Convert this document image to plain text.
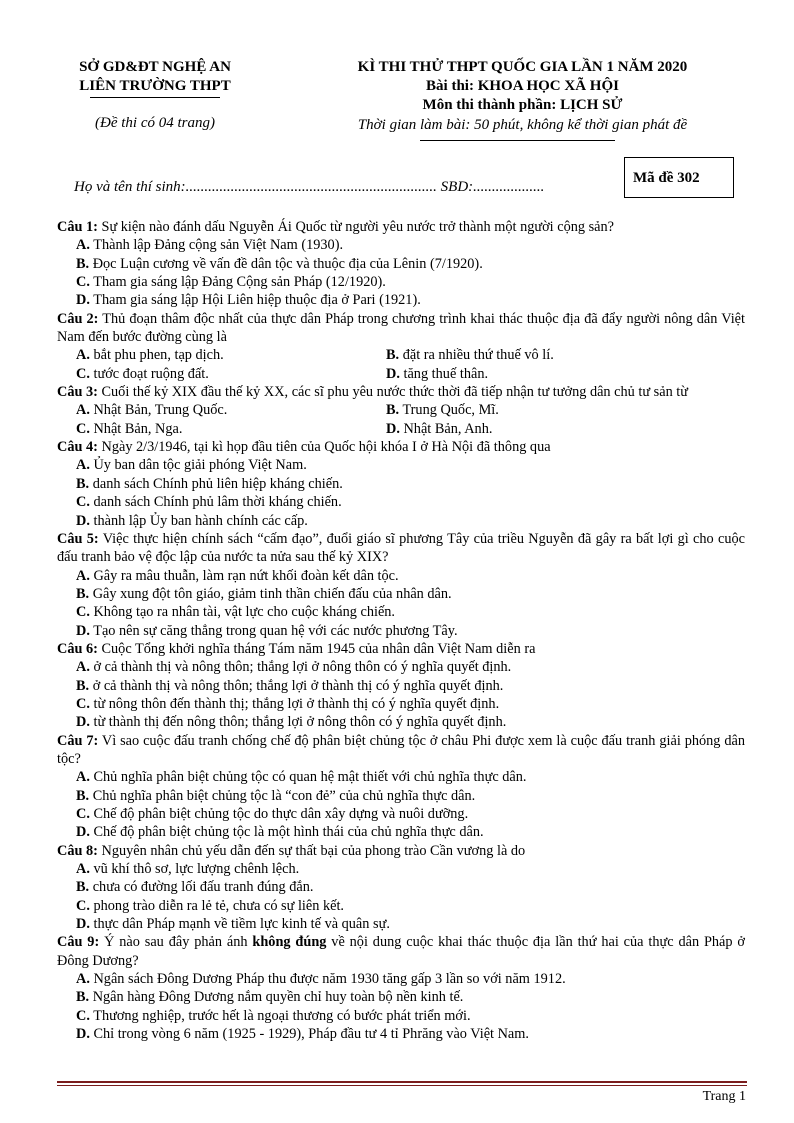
SỞ GD&ĐT NGHỆ AN
LIÊN TRƯỜNG THPT
(Đề thi có 04 trang)
KÌ THI THỬ THPT QUỐC GIA LẦN 1 NĂM 2020
Bài thi: KHOA HỌC XÃ HỘI
Môn thi thành phần: LỊCH SỬ
Thời gian làm bài: 50 phút, không kể thời gian phát đề
Mã đề 302
Họ và tên thí sinh:................................................................... SBD:...................
Câu 1: Sự kiện nào đánh dấu Nguyễn Ái Quốc từ người yêu nước trở thành một người cộng sản?
A. Thành lập Đảng cộng sản Việt Nam (1930).
B. Đọc Luận cương về vấn đề dân tộc và thuộc địa của Lênin (7/1920).
C. Tham gia sáng lập Đảng Cộng sản Pháp (12/1920).
D. Tham gia sáng lập Hội Liên hiệp thuộc địa ở Pari (1921).
Câu 2: Thủ đoạn thâm độc nhất của thực dân Pháp trong chương trình khai thác thuộc địa đã đẩy người nông dân Việt Nam đến bước đường cùng là
A. bắt phu phen, tạp dịch.	B. đặt ra nhiều thứ thuế vô lí.
C. tước đoạt ruộng đất.	D. tăng thuế thân.
Câu 3: Cuối thế kỷ XIX đầu thế kỷ XX, các sĩ phu yêu nước thức thời đã tiếp nhận tư tưởng dân chủ tư sản từ
A. Nhật Bản, Trung Quốc.	B. Trung Quốc, Mĩ.
C. Nhật Bản, Nga.	D. Nhật Bản, Anh.
Câu 4: Ngày 2/3/1946, tại kì họp đầu tiên của Quốc hội khóa I ở Hà Nội đã thông qua
A. Ủy ban dân tộc giải phóng Việt Nam.
B. danh sách Chính phủ liên hiệp kháng chiến.
C. danh sách Chính phủ lâm thời kháng chiến.
D. thành lập Ủy ban hành chính các cấp.
Câu 5: Việc thực hiện chính sách “cấm đạo”, đuổi giáo sĩ phương Tây của triều Nguyễn đã gây ra bất lợi gì cho cuộc đấu tranh bảo vệ độc lập của nước ta nửa sau thế kỷ XIX?
A. Gây ra mâu thuẫn, làm rạn nứt khối đoàn kết dân tộc.
B. Gây xung đột tôn giáo, giảm tinh thần chiến đấu của nhân dân.
C. Không tạo ra nhân tài, vật lực cho cuộc kháng chiến.
D. Tạo nên sự căng thẳng trong quan hệ với các nước phương Tây.
Câu 6: Cuộc Tổng khởi nghĩa tháng Tám năm 1945 của nhân dân Việt Nam diễn ra
A. ở cả thành thị và nông thôn; thắng lợi ở nông thôn có ý nghĩa quyết định.
B. ở cả thành thị và nông thôn; thắng lợi ở thành thị có ý nghĩa quyết định.
C. từ nông thôn đến thành thị; thắng lợi ở thành thị có ý nghĩa quyết định.
D. từ thành thị đến nông thôn; thắng lợi ở nông thôn có ý nghĩa quyết định.
Câu 7: Vì sao cuộc đấu tranh chống chế độ phân biệt chủng tộc ở châu Phi được xem là cuộc đấu tranh giải phóng dân tộc?
A. Chủ nghĩa phân biệt chủng tộc có quan hệ mật thiết với chủ nghĩa thực dân.
B. Chủ nghĩa phân biệt chủng tộc là “con đẻ” của chủ nghĩa thực dân.
C. Chế độ phân biệt chủng tộc do thực dân xây dựng và nuôi dưỡng.
D. Chế độ phân biệt chủng tộc là một hình thái của chủ nghĩa thực dân.
Câu 8: Nguyên nhân chủ yếu dẫn đến sự thất bại của phong trào Cần vương là do
A. vũ khí thô sơ, lực lượng chênh lệch.
B. chưa có đường lối đấu tranh đúng đắn.
C. phong trào diễn ra lẻ tẻ, chưa có sự liên kết.
D. thực dân Pháp mạnh về tiềm lực kinh tế và quân sự.
Câu 9: Ý nào sau đây phản ánh không đúng về nội dung cuộc khai thác thuộc địa lần thứ hai của thực dân Pháp ở Đông Dương?
A. Ngân sách Đông Dương Pháp thu được năm 1930 tăng gấp 3 lần so với năm 1912.
B. Ngân hàng Đông Dương nắm quyền chỉ huy toàn bộ nền kinh tế.
C. Thương nghiệp, trước hết là ngoại thương có bước phát triển mới.
D. Chỉ trong vòng 6 năm (1925 - 1929), Pháp đầu tư 4 tỉ Phrăng vào Việt Nam.
Trang 1
